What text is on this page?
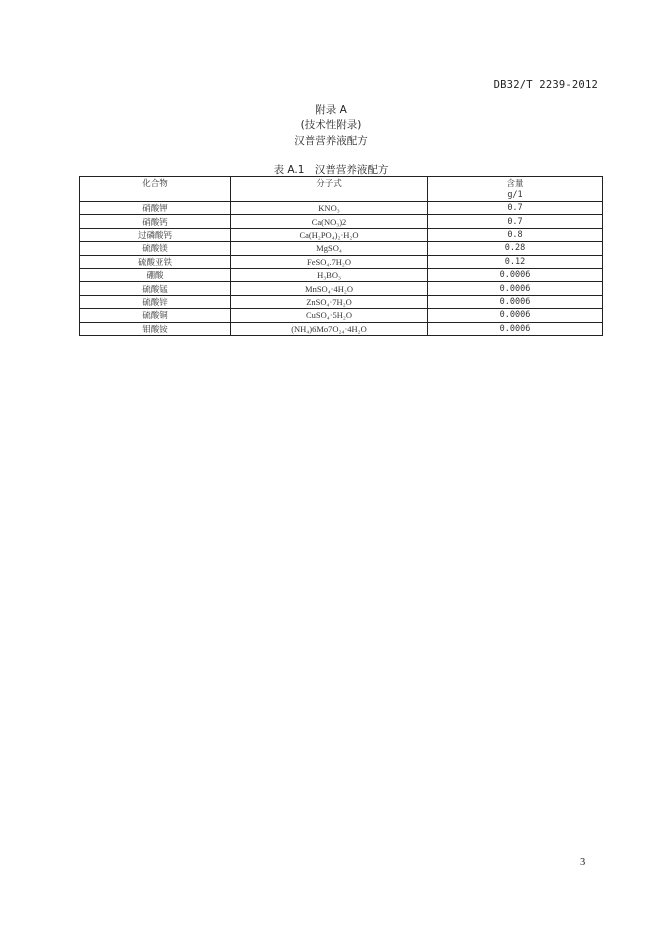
DB32/T 2239-2012
附录 A
(技术性附录)
汉普营养液配方
表 A.1　汉普营养液配方
化合物	分子式	含量
g/1

硝酸钾	KNO₃	0.7
硝酸钙	Ca(NO₃)2	0.7
过磷酸钙	Ca(H₂PO₄)₂·H₂O	0.8
硫酸镁	MgSO₄	0.28
硫酸亚铁	FeSO₄.7H₂O	0.12
硼酸	H₃BO₃	0.0006
硫酸锰	MnSO₄·4H₂O	0.0006
硫酸锌	ZnSO₄·7H₂O	0.0006
硫酸铜	CuSO₄·5H₂O	0.0006
钼酸铵	(NH₄)6Mo7O₂₄·4H₂O	0.0006
3
